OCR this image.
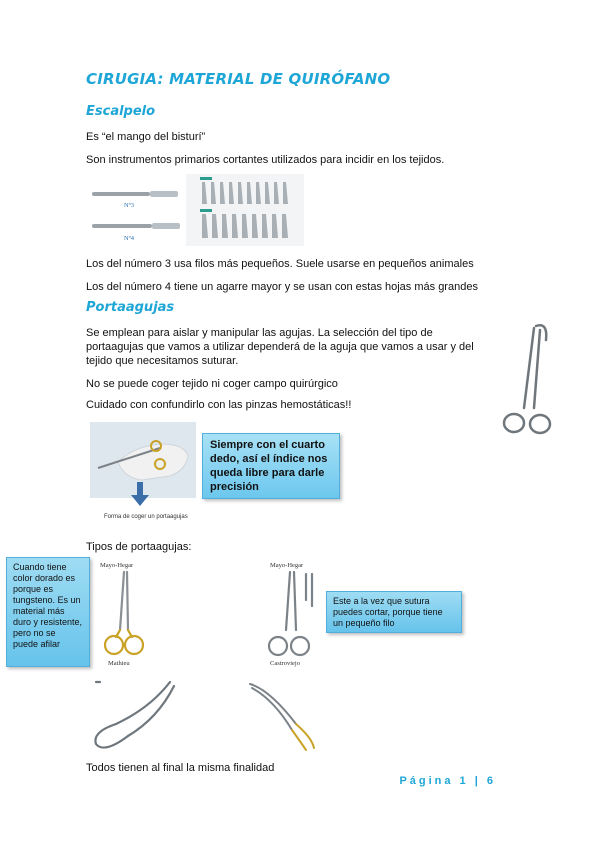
CIRUGIA: MATERIAL DE QUIRÓFANO
Escalpelo
Es “el mango del bisturí”
Son instrumentos primarios cortantes utilizados para incidir en los tejidos.
Nº3
Nº4
Los del número 3 usa filos más pequeños. Suele usarse en pequeños animales
Los del número 4 tiene un agarre mayor y se usan con estas hojas más grandes
Portaagujas
Se emplean para aislar y manipular las agujas. La selección del tipo de portaagujas que vamos a utilizar dependerá de la aguja que vamos a usar y del tejido que necesitamos suturar.
No se puede coger tejido ni coger campo quirúrgico
Cuidado con confundirlo con las pinzas hemostáticas!!
Forma de coger un portaagujas
Siempre con el cuarto dedo, así el índice nos queda libre para darle precisión
Tipos de portaagujas:
Cuando tiene color dorado es porque es tungsteno. Es un material más duro y resistente, pero no se puede afilar
Mayo-Hegar
Mathieu
Mayo-Hegar
Castroviejo
Este a la vez que sutura puedes cortar, porque tiene un pequeño filo
Todos tienen al final la misma finalidad
Página 1 | 6
